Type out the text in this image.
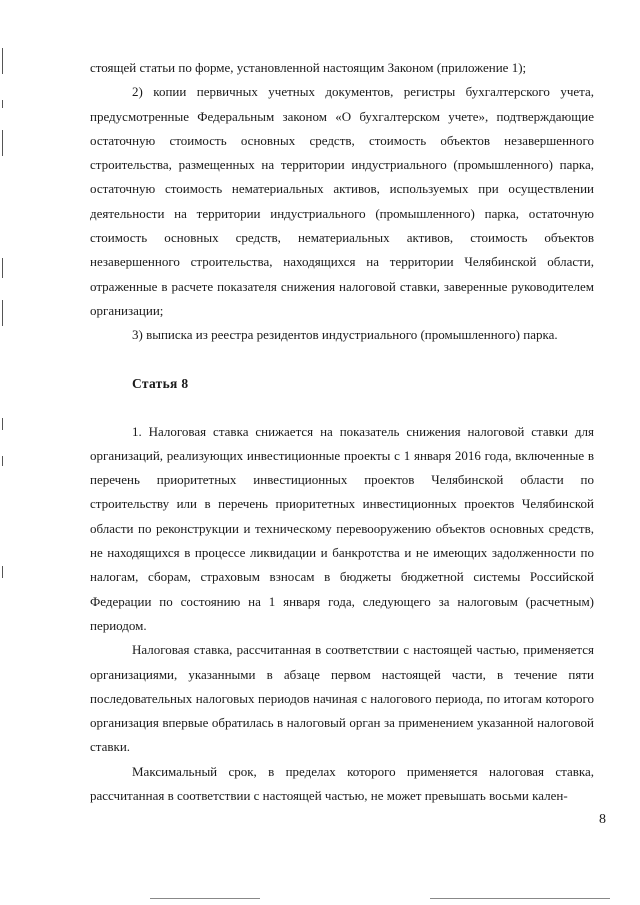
стоящей статьи по форме, установленной настоящим Законом (приложение 1);

2) копии первичных учетных документов, регистры бухгалтерского учета, предусмотренные Федеральным законом «О бухгалтерском учете», подтверждающие остаточную стоимость основных средств, стоимость объектов незавершенного строительства, размещенных на территории индустриального (промышленного) парка, остаточную стоимость нематериальных активов, используемых при осуществлении деятельности на территории индустриального (промышленного) парка, остаточную стоимость основных средств, нематериальных активов, стоимость объектов незавершенного строительства, находящихся на территории Челябинской области, отраженные в расчете показателя снижения налоговой ставки, заверенные руководителем организации;

3) выписка из реестра резидентов индустриального (промышленного) парка.

Статья 8

1. Налоговая ставка снижается на показатель снижения налоговой ставки для организаций, реализующих инвестиционные проекты с 1 января 2016 года, включенные в перечень приоритетных инвестиционных проектов Челябинской области по строительству или в перечень приоритетных инвестиционных проектов Челябинской области по реконструкции и техническому перевооружению объектов основных средств, не находящихся в процессе ликвидации и банкротства и не имеющих задолженности по налогам, сборам, страховым взносам в бюджеты бюджетной системы Российской Федерации по состоянию на 1 января года, следующего за налоговым (расчетным) периодом.

Налоговая ставка, рассчитанная в соответствии с настоящей частью, применяется организациями, указанными в абзаце первом настоящей части, в течение пяти последовательных налоговых периодов начиная с налогового периода, по итогам которого организация впервые обратилась в налоговый орган за применением указанной налоговой ставки.

Максимальный срок, в пределах которого применяется налоговая ставка, рассчитанная в соответствии с настоящей частью, не может превышать восьми кален-

8
